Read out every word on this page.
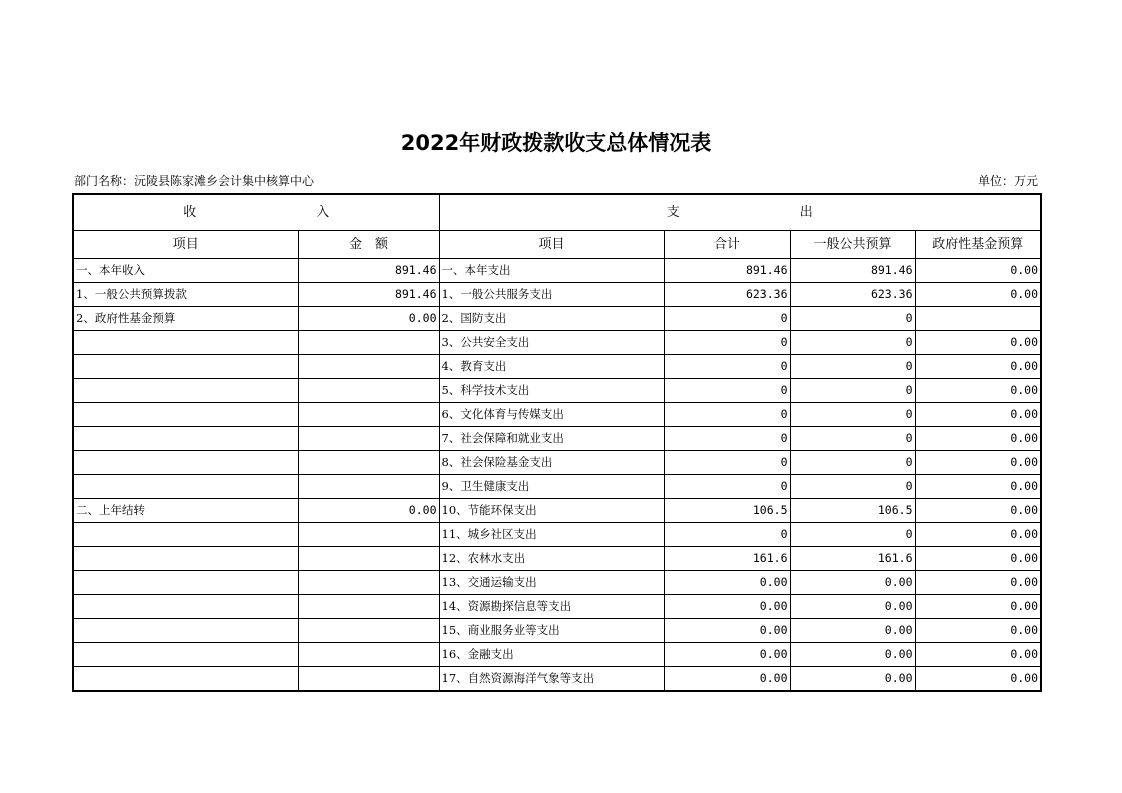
2022年财政拨款收支总体情况表
部门名称：沅陵县陈家滩乡会计集中核算中心	单位：万元
收 入		支 出			
项目	金　额	项目	合计	一般公共预算	政府性基金预算
一、本年收入	891.46	一、本年支出	891.46	891.46	0.00
1、一般公共预算拨款	891.46	1、一般公共服务支出	623.36	623.36	0.00
2、政府性基金预算	0.00	2、国防支出	0	0	
		3、公共安全支出	0	0	0.00
		4、教育支出	0	0	0.00
		5、科学技术支出	0	0	0.00
		6、文化体育与传媒支出	0	0	0.00
		7、社会保障和就业支出	0	0	0.00
		8、社会保险基金支出	0	0	0.00
		9、卫生健康支出	0	0	0.00
二、上年结转	0.00	10、节能环保支出	106.5	106.5	0.00
		11、城乡社区支出	0	0	0.00
		12、农林水支出	161.6	161.6	0.00
		13、交通运输支出	0.00	0.00	0.00
		14、资源勘探信息等支出	0.00	0.00	0.00
		15、商业服务业等支出	0.00	0.00	0.00
		16、金融支出	0.00	0.00	0.00
		17、自然资源海洋气象等支出	0.00	0.00	0.00
